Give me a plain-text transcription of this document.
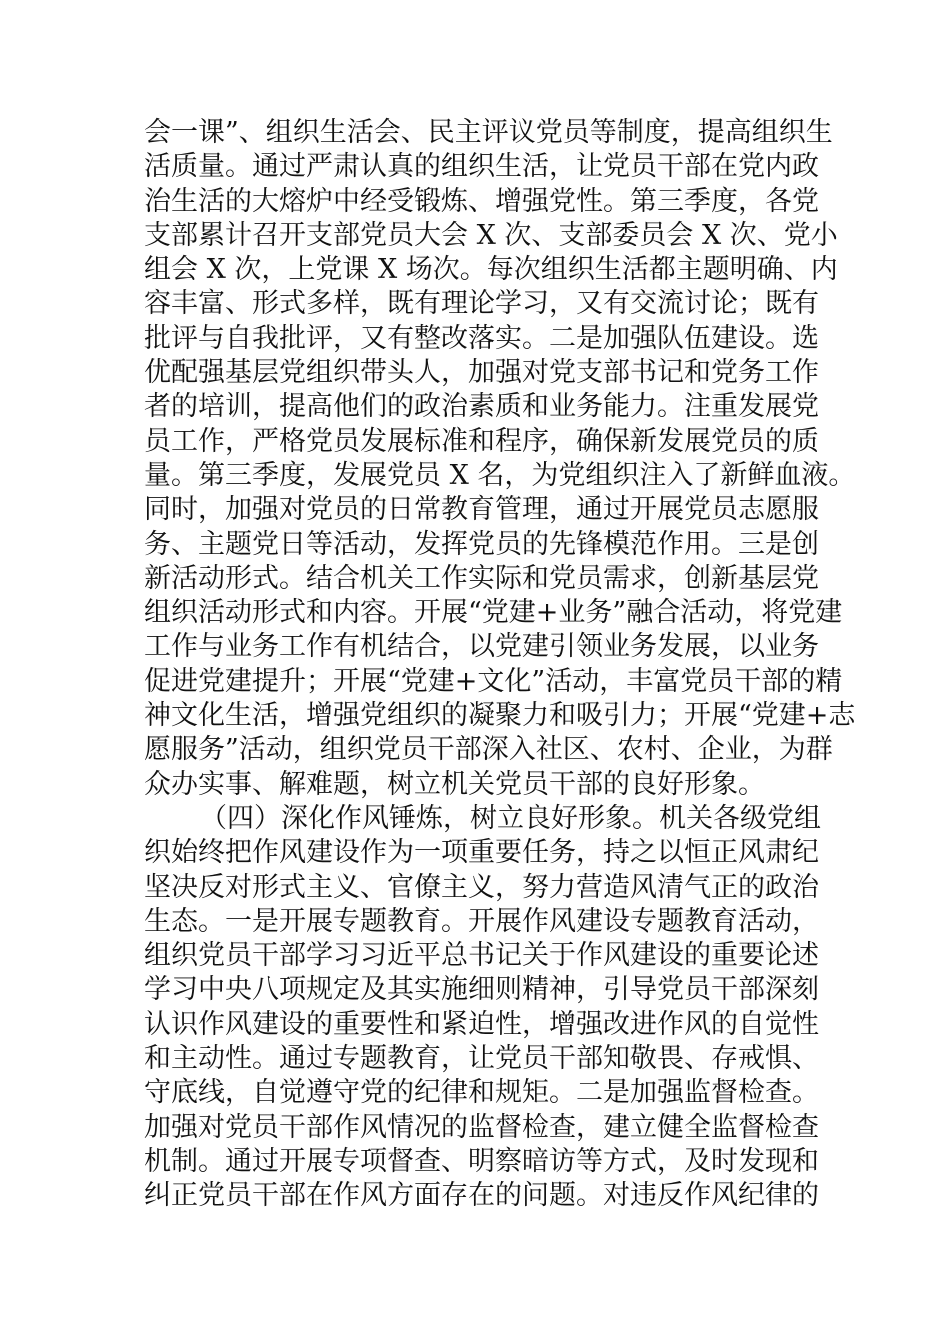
会一课”、组织生活会、民主评议党员等制度，提高组织生
活质量。通过严肃认真的组织生活，让党员干部在党内政
治生活的大熔炉中经受锻炼、增强党性。第三季度，各党
支部累计召开支部党员大会 X 次、支部委员会 X 次、党小
组会 X 次，上党课 X 场次。每次组织生活都主题明确、内
容丰富、形式多样，既有理论学习，又有交流讨论；既有
批评与自我批评，又有整改落实。二是加强队伍建设。选
优配强基层党组织带头人，加强对党支部书记和党务工作
者的培训，提高他们的政治素质和业务能力。注重发展党
员工作，严格党员发展标准和程序，确保新发展党员的质
量。第三季度，发展党员 X 名，为党组织注入了新鲜血液。
同时，加强对党员的日常教育管理，通过开展党员志愿服
务、主题党日等活动，发挥党员的先锋模范作用。三是创
新活动形式。结合机关工作实际和党员需求，创新基层党
组织活动形式和内容。开展“党建+业务”融合活动，将党建
工作与业务工作有机结合，以党建引领业务发展，以业务
促进党建提升；开展“党建+文化”活动，丰富党员干部的精
神文化生活，增强党组织的凝聚力和吸引力；开展“党建+志
愿服务”活动，组织党员干部深入社区、农村、企业，为群
众办实事、解难题，树立机关党员干部的良好形象。
（四）深化作风锤炼，树立良好形象。机关各级党组
织始终把作风建设作为一项重要任务，持之以恒正风肃纪
坚决反对形式主义、官僚主义，努力营造风清气正的政治
生态。一是开展专题教育。开展作风建设专题教育活动，
组织党员干部学习习近平总书记关于作风建设的重要论述
学习中央八项规定及其实施细则精神，引导党员干部深刻
认识作风建设的重要性和紧迫性，增强改进作风的自觉性
和主动性。通过专题教育，让党员干部知敬畏、存戒惧、
守底线，自觉遵守党的纪律和规矩。二是加强监督检查。
加强对党员干部作风情况的监督检查，建立健全监督检查
机制。通过开展专项督查、明察暗访等方式，及时发现和
纠正党员干部在作风方面存在的问题。对违反作风纪律的
